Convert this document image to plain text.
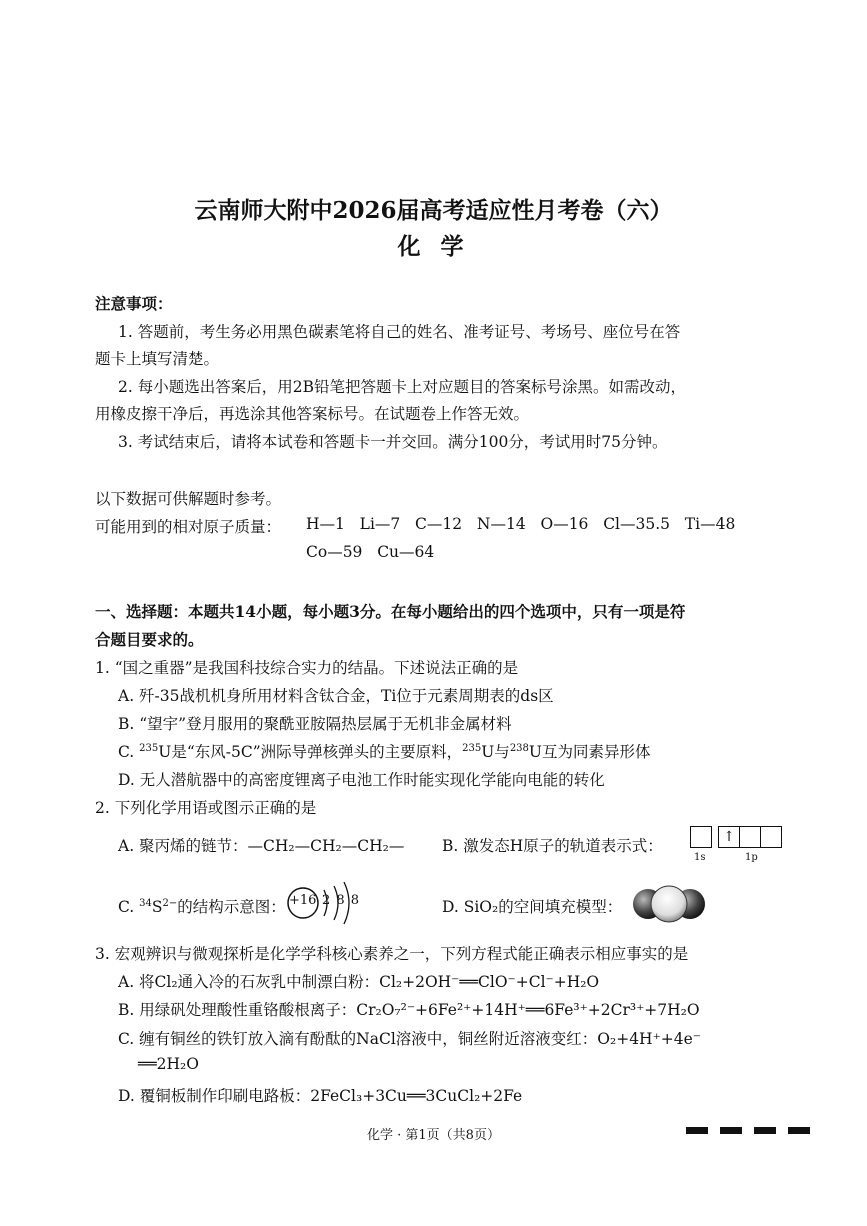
云南师大附中2026届高考适应性月考卷（六）
化 学
注意事项：
1. 答题前，考生务必用黑色碳素笔将自己的姓名、准考证号、考场号、座位号在答
题卡上填写清楚。
2. 每小题选出答案后，用2B铅笔把答题卡上对应题目的答案标号涂黑。如需改动，
用橡皮擦干净后，再选涂其他答案标号。在试题卷上作答无效。
3. 考试结束后，请将本试卷和答题卡一并交回。满分100分，考试用时75分钟。
以下数据可供解题时参考。
可能用到的相对原子质量： H—1   Li—7   C—12   N—14   O—16   Cl—35.5   Ti—48
Co—59   Cu—64
一、选择题：本题共14小题，每小题3分。在每小题给出的四个选项中，只有一项是符
合题目要求的。
1. “国之重器”是我国科技综合实力的结晶。下述说法正确的是
A. 歼-35战机机身所用材料含钛合金，Ti位于元素周期表的ds区
B. “望宇”登月服用的聚酰亚胺隔热层属于无机非金属材料
C. $^{235}$U是“东风-5C”洲际导弹核弹头的主要原料，$^{235}$U与$^{238}$U互为同素异形体
D. 无人潜航器中的高密度锂离子电池工作时能实现化学能向电能的转化
2. 下列化学用语或图示正确的是
A. 聚丙烯的链节：—CH₂—CH₂—CH₂— B. 激发态H原子的轨道表示式：	↑
1s	1p
C. $^{34}S^{2-}$的结构示意图： +16 2 8 8	D. SiO₂的空间填充模型：
3. 宏观辨识与微观探析是化学学科核心素养之一，下列方程式能正确表示相应事实的是
A. 将Cl₂通入冷的石灰乳中制漂白粉：Cl₂+2OH⁻══ClO⁻+Cl⁻+H₂O
B. 用绿矾处理酸性重铬酸根离子：Cr₂O₇²⁻+6Fe²⁺+14H⁺══6Fe³⁺+2Cr³⁺+7H₂O
C. 缠有铜丝的铁钉放入滴有酚酞的NaCl溶液中，铜丝附近溶液变红：O₂+4H⁺+4e⁻
══2H₂O
D. 覆铜板制作印刷电路板：2FeCl₃+3Cu══3CuCl₂+2Fe
化学 · 第1页（共8页）
